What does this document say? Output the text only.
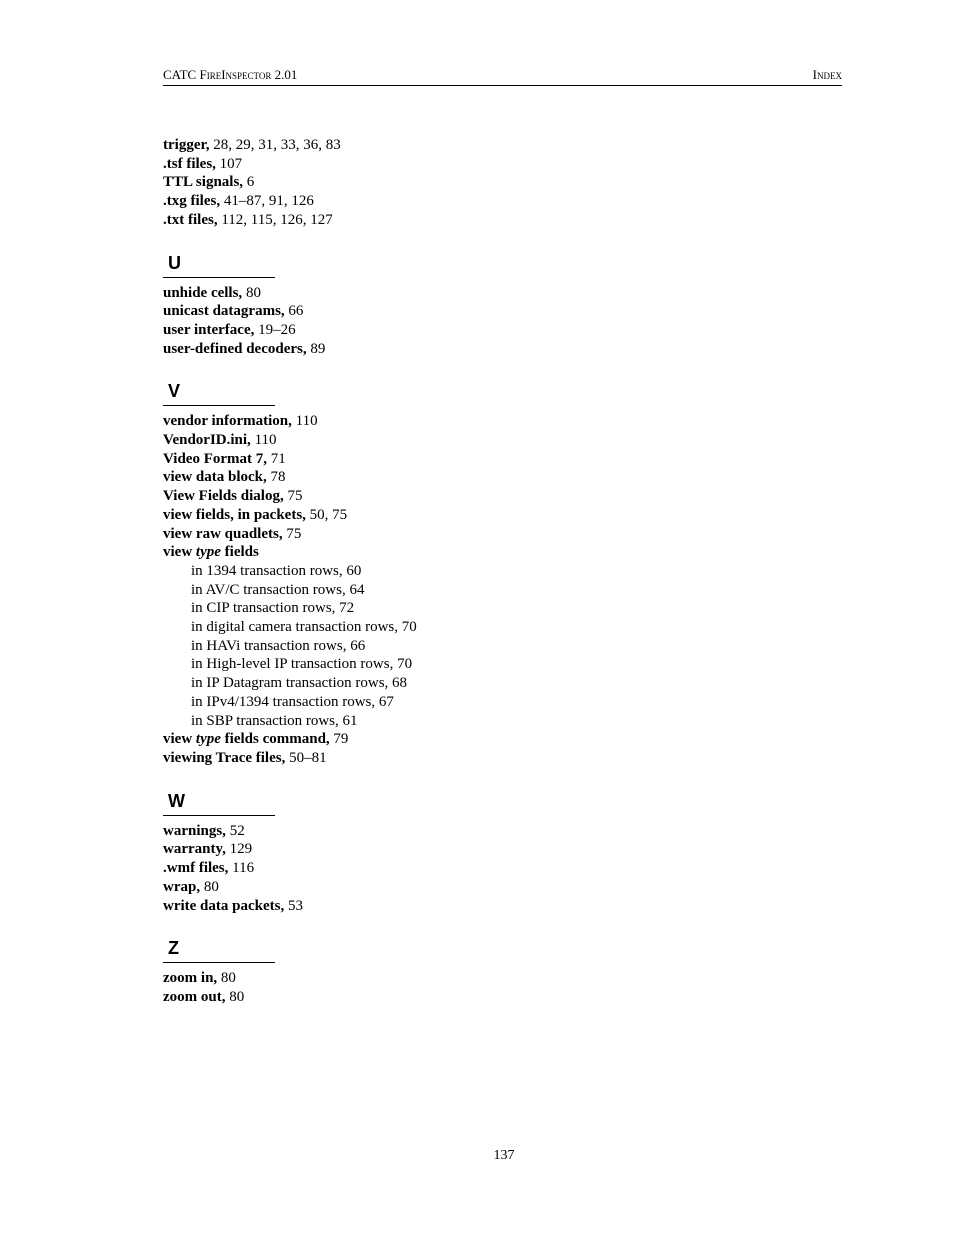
CATC FireInspector 2.01	Index
trigger, 28, 29, 31, 33, 36, 83
.tsf files, 107
TTL signals, 6
.txg files, 41–87, 91, 126
.txt files, 112, 115, 126, 127
U
unhide cells, 80
unicast datagrams, 66
user interface, 19–26
user-defined decoders, 89
V
vendor information, 110
VendorID.ini, 110
Video Format 7, 71
view data block, 78
View Fields dialog, 75
view fields, in packets, 50, 75
view raw quadlets, 75
view type fields
in 1394 transaction rows, 60
in AV/C transaction rows, 64
in CIP transaction rows, 72
in digital camera transaction rows, 70
in HAVi transaction rows, 66
in High-level IP transaction rows, 70
in IP Datagram transaction rows, 68
in IPv4/1394 transaction rows, 67
in SBP transaction rows, 61
view type fields command, 79
viewing Trace files, 50–81
W
warnings, 52
warranty, 129
.wmf files, 116
wrap, 80
write data packets, 53
Z
zoom in, 80
zoom out, 80
137
